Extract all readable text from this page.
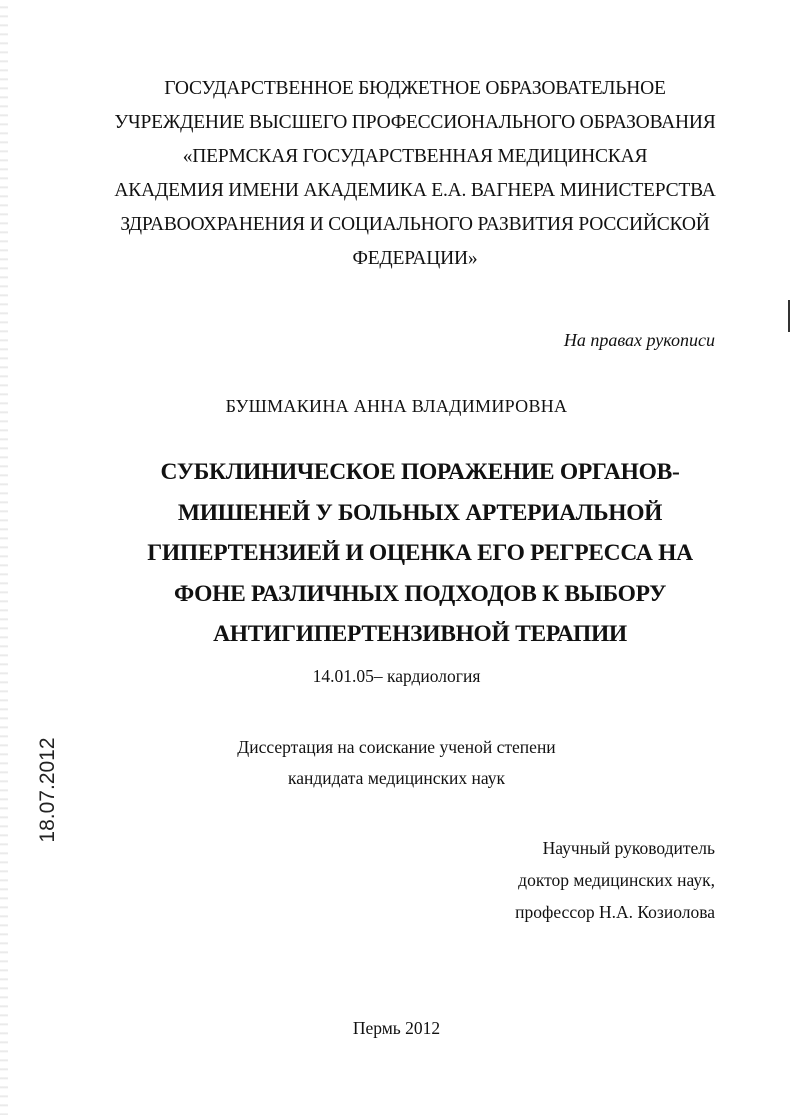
ГОСУДАРСТВЕННОЕ БЮДЖЕТНОЕ ОБРАЗОВАТЕЛЬНОЕ
УЧРЕЖДЕНИЕ ВЫСШЕГО ПРОФЕССИОНАЛЬНОГО ОБРАЗОВАНИЯ
«ПЕРМСКАЯ ГОСУДАРСТВЕННАЯ МЕДИЦИНСКАЯ
АКАДЕМИЯ ИМЕНИ АКАДЕМИКА Е.А. ВАГНЕРА МИНИСТЕРСТВА
ЗДРАВООХРАНЕНИЯ И СОЦИАЛЬНОГО РАЗВИТИЯ РОССИЙСКОЙ
ФЕДЕРАЦИИ»
На правах рукописи
БУШМАКИНА АННА ВЛАДИМИРОВНА
СУБКЛИНИЧЕСКОЕ ПОРАЖЕНИЕ ОРГАНОВ-
МИШЕНЕЙ У БОЛЬНЫХ АРТЕРИАЛЬНОЙ
ГИПЕРТЕНЗИЕЙ И ОЦЕНКА ЕГО РЕГРЕССА НА
ФОНЕ РАЗЛИЧНЫХ ПОДХОДОВ К ВЫБОРУ
АНТИГИПЕРТЕНЗИВНОЙ ТЕРАПИИ
14.01.05– кардиология
Диссертация на соискание ученой степени
кандидата медицинских наук
Научный руководитель
доктор медицинских наук,
профессор Н.А. Козиолова
Пермь 2012
18.07.2012
